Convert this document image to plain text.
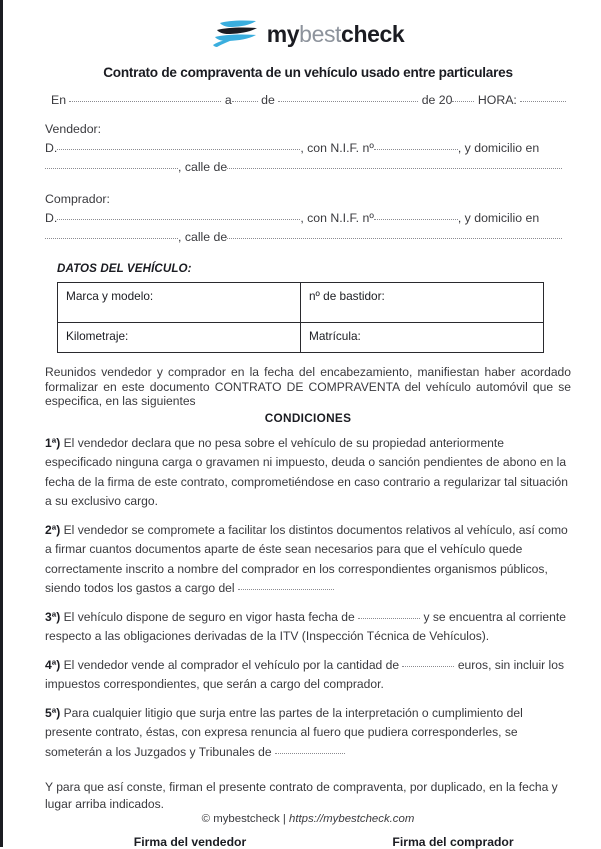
mybestcheck
Contrato de compraventa de un vehículo usado entre particulares
En	a de	de 20 HORA:
Vendedor:
D.	, con N.I.F. nº	, y domicilio en
, calle de
Comprador:
D.	, con N.I.F. nº	, y domicilio en
, calle de
DATOS DEL VEHÍCULO:
Marca y modelo:	nº de bastidor:
Kilometraje:	Matrícula:
Reunidos vendedor y comprador en la fecha del encabezamiento, manifiestan haber acordado formalizar en este documento CONTRATO DE COMPRAVENTA del vehículo automóvil que se especifica, en las siguientes
CONDICIONES
1ª) El vendedor declara que no pesa sobre el vehículo de su propiedad anteriormente especificado ninguna carga o gravamen ni impuesto, deuda o sanción pendientes de abono en la fecha de la firma de este contrato, comprometiéndose en caso contrario a regularizar tal situación a su exclusivo cargo.
2ª) El vendedor se compromete a facilitar los distintos documentos relativos al vehículo, así como a firmar cuantos documentos aparte de éste sean necesarios para que el vehículo quede correctamente inscrito a nombre del comprador en los correspondientes organismos públicos, siendo todos los gastos a cargo del
3ª) El vehículo dispone de seguro en vigor hasta fecha de	y se encuentra al corriente respecto a las obligaciones derivadas de la ITV (Inspección Técnica de Vehículos).
4ª) El vendedor vende al comprador el vehículo por la cantidad de	euros, sin incluir los impuestos correspondientes, que serán a cargo del comprador.
5ª) Para cualquier litigio que surja entre las partes de la interpretación o cumplimiento del presente contrato, éstas, con expresa renuncia al fuero que pudiera corresponderles, se someterán a los Juzgados y Tribunales de
Y para que así conste, firman el presente contrato de compraventa, por duplicado, en la fecha y lugar arriba indicados.
Firma del vendedor	Firma del comprador
© mybestcheck | https://mybestcheck.com
